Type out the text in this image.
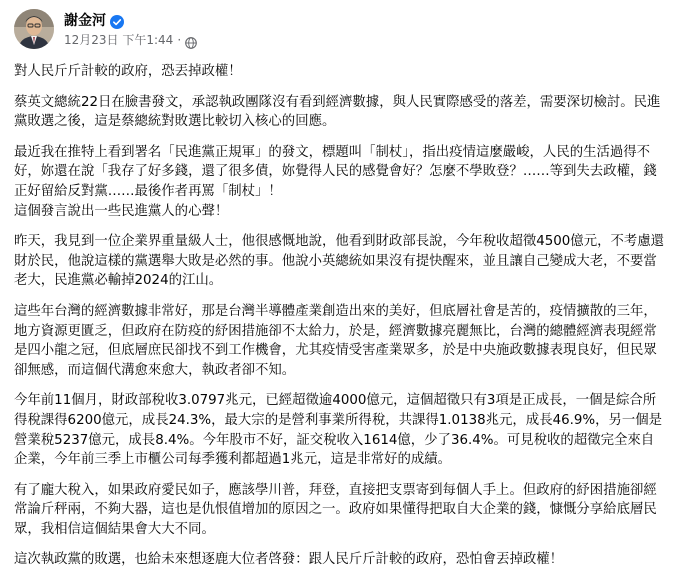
謝金河
12月23日 下午1:44 ·

對人民斤斤計較的政府，恐丟掉政權！

蔡英文總統22日在臉書發文，承認執政團隊沒有看到經濟數據，與人民實際感受的落差，需要深切檢討。民進黨敗選之後，這是蔡總統對敗選比較切入核心的回應。

最近我在推特上看到署名「民進黨正規軍」的發文，標題叫「制杖」，指出疫情這麼嚴峻，人民的生活過得不好，妳還在說「我存了好多錢，還了很多債，妳覺得人民的感覺會好？怎麼不學敗登？……等到失去政權，錢正好留給反對黨……最後作者再罵「制杖」！

這個發言說出一些民進黨人的心聲！

昨天，我見到一位企業界重量級人士，他很感慨地說，他看到財政部長說，今年稅收超徵4500億元，不考慮還財於民，他說這樣的黨選舉大敗是必然的事。他說小英總統如果沒有提快醒來，並且讓自己變成大老，不要當老大，民進黨必輸掉2024的江山。

這些年台灣的經濟數據非常好，那是台灣半導體產業創造出來的美好，但底層社會是苦的，疫情擴散的三年，地方資源更匱乏，但政府在防疫的紓困措施卻不太給力，於是，經濟數據亮麗無比，台灣的總體經濟表現經常是四小龍之冠，但底層庶民卻找不到工作機會，尤其疫情受害產業眾多，於是中央施政數據表現良好，但民眾卻無感，而這個代溝愈來愈大，執政者卻不知。

今年前11個月，財政部稅收3.0797兆元，已經超徵逾4000億元，這個超徵只有3項是正成長，一個是綜合所得稅課得6200億元，成長24.3%，最大宗的是營利事業所得稅，共課得1.0138兆元，成長46.9%，另一個是營業稅5237億元，成長8.4%。今年股市不好，証交稅收入1614億，少了36.4%。可見稅收的超徵完全來自企業，今年前三季上市櫃公司每季獲利都超過1兆元，這是非常好的成績。

有了龐大稅入，如果政府愛民如子，應該學川普，拜登，直接把支票寄到每個人手上。但政府的紓困措施卻經常論斤秤兩，不夠大器，這也是仇恨值增加的原因之一。政府如果懂得把取自大企業的錢，慷慨分享給底層民眾，我相信這個結果會大大不同。

這次執政黨的敗選，也給未來想逐鹿大位者啓發：跟人民斤斤計較的政府，恐怕會丟掉政權！
